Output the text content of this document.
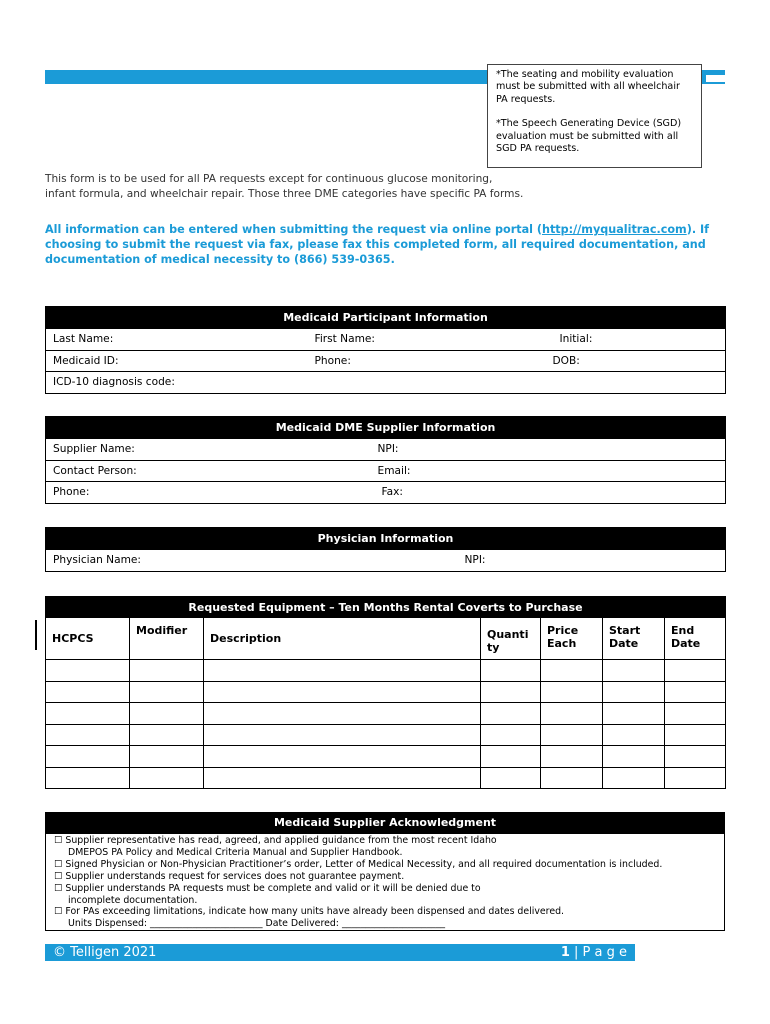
*The seating and mobility evaluation must be submitted with all wheelchair PA requests.

*The Speech Generating Device (SGD) evaluation must be submitted with all SGD PA requests.

This form is to be used for all PA requests except for continuous glucose monitoring,
infant formula, and wheelchair repair. Those three DME categories have specific PA forms.
All information can be entered when submitting the request via online portal (http://myqualitrac.com). If choosing to submit the request via fax, please fax this completed form, all required documentation, and documentation of medical necessity to (866) 539-0365.
Medicaid Participant Information		
Last Name:	First Name:	Initial:
Medicaid ID:	Phone:	DOB:
ICD-10 diagnosis code:		
Medicaid DME Supplier Information	
Supplier Name:	NPI:
Contact Person:	Email:
Phone:	Fax:
Physician Information
Physician Name:	NPI:
Requested Equipment – Ten Months Rental Coverts to Purchase						
HCPCS	Modifier	Description	Quanti ty	Price Each	Start Date	End Date

Medicaid Supplier Acknowledgment
☐ Supplier representative has read, agreed, and applied guidance from the most recent Idaho
DMEPOS PA Policy and Medical Criteria Manual and Supplier Handbook.
☐ Signed Physician or Non-Physician Practitioner’s order, Letter of Medical Necessity, and all required documentation is included.
☐ Supplier understands request for services does not guarantee payment.
☐ Supplier understands PA requests must be complete and valid or it will be denied due to
incomplete documentation.
☐ For PAs exceeding limitations, indicate how many units have already been dispensed and dates delivered.
Units Dispensed: ________________________ Date Delivered: ______________________
© Telligen 2021	1 | P a g e
